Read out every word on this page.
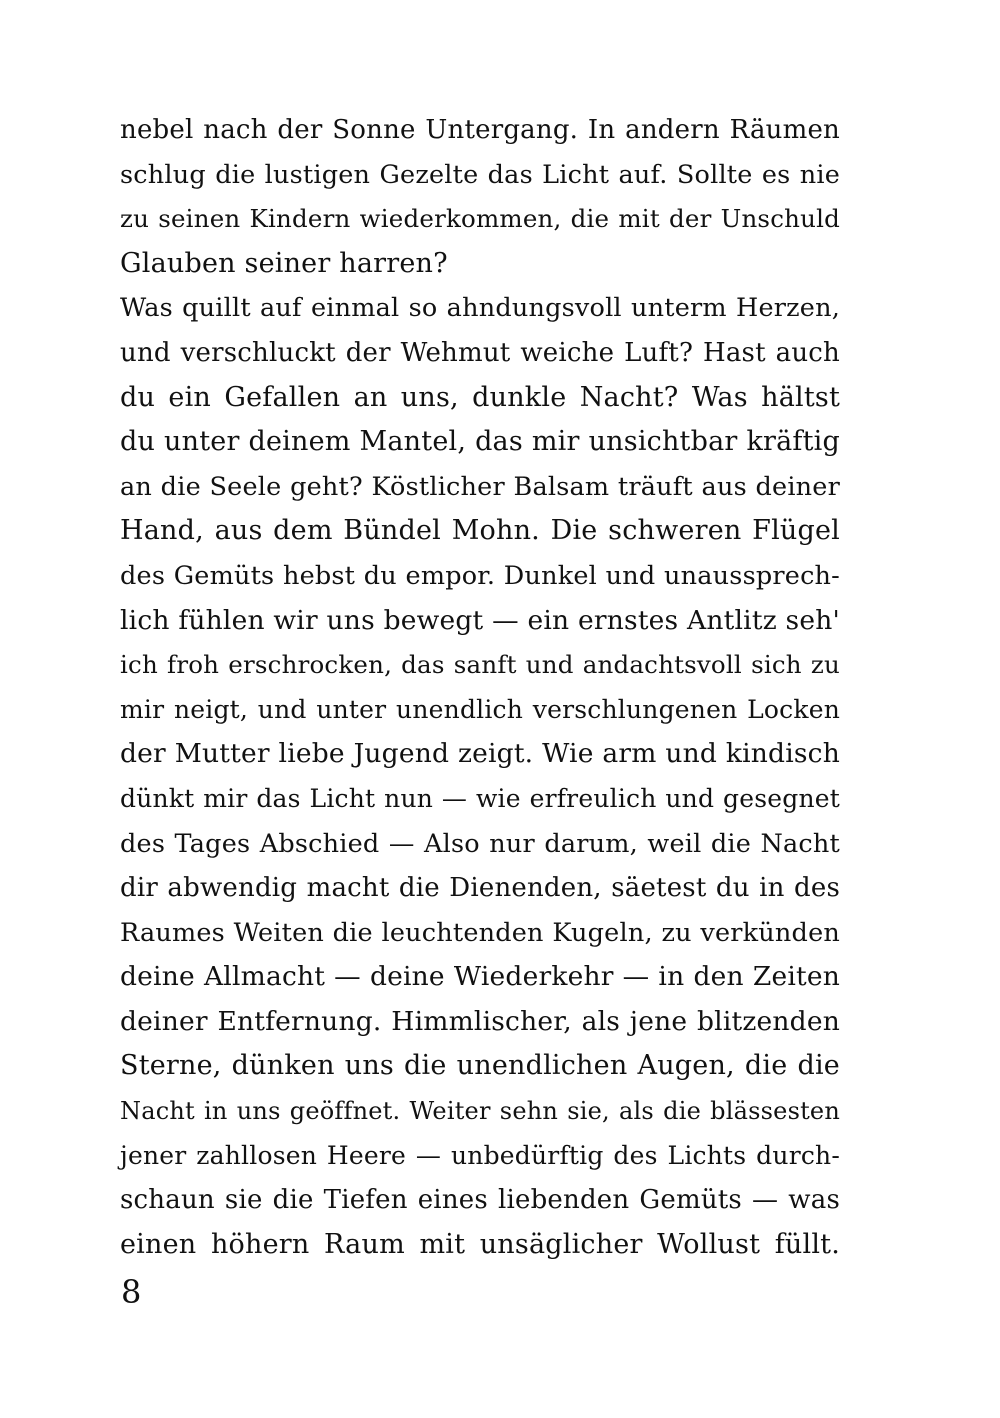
nebel nach der Sonne Untergang. In andern Räumen
schlug die lustigen Gezelte das Licht auf. Sollte es nie
zu seinen Kindern wiederkommen, die mit der Unschuld
Glauben seiner harren?
Was quillt auf einmal so ahndungsvoll unterm Herzen,
und verschluckt der Wehmut weiche Luft? Hast auch
du ein Gefallen an uns, dunkle Nacht? Was hältst
du unter deinem Mantel, das mir unsichtbar kräftig
an die Seele geht? Köstlicher Balsam träuft aus deiner
Hand, aus dem Bündel Mohn. Die schweren Flügel
des Gemüts hebst du empor. Dunkel und unaussprech-
lich fühlen wir uns bewegt — ein ernstes Antlitz seh'
ich froh erschrocken, das sanft und andachtsvoll sich zu
mir neigt, und unter unendlich verschlungenen Locken
der Mutter liebe Jugend zeigt. Wie arm und kindisch
dünkt mir das Licht nun — wie erfreulich und gesegnet
des Tages Abschied — Also nur darum, weil die Nacht
dir abwendig macht die Dienenden, säetest du in des
Raumes Weiten die leuchtenden Kugeln, zu verkünden
deine Allmacht — deine Wiederkehr — in den Zeiten
deiner Entfernung. Himmlischer, als jene blitzenden
Sterne, dünken uns die unendlichen Augen, die die
Nacht in uns geöffnet. Weiter sehn sie, als die blässesten
jener zahllosen Heere — unbedürftig des Lichts durch-
schaun sie die Tiefen eines liebenden Gemüts — was
einen höhern Raum mit unsäglicher Wollust füllt.
8
